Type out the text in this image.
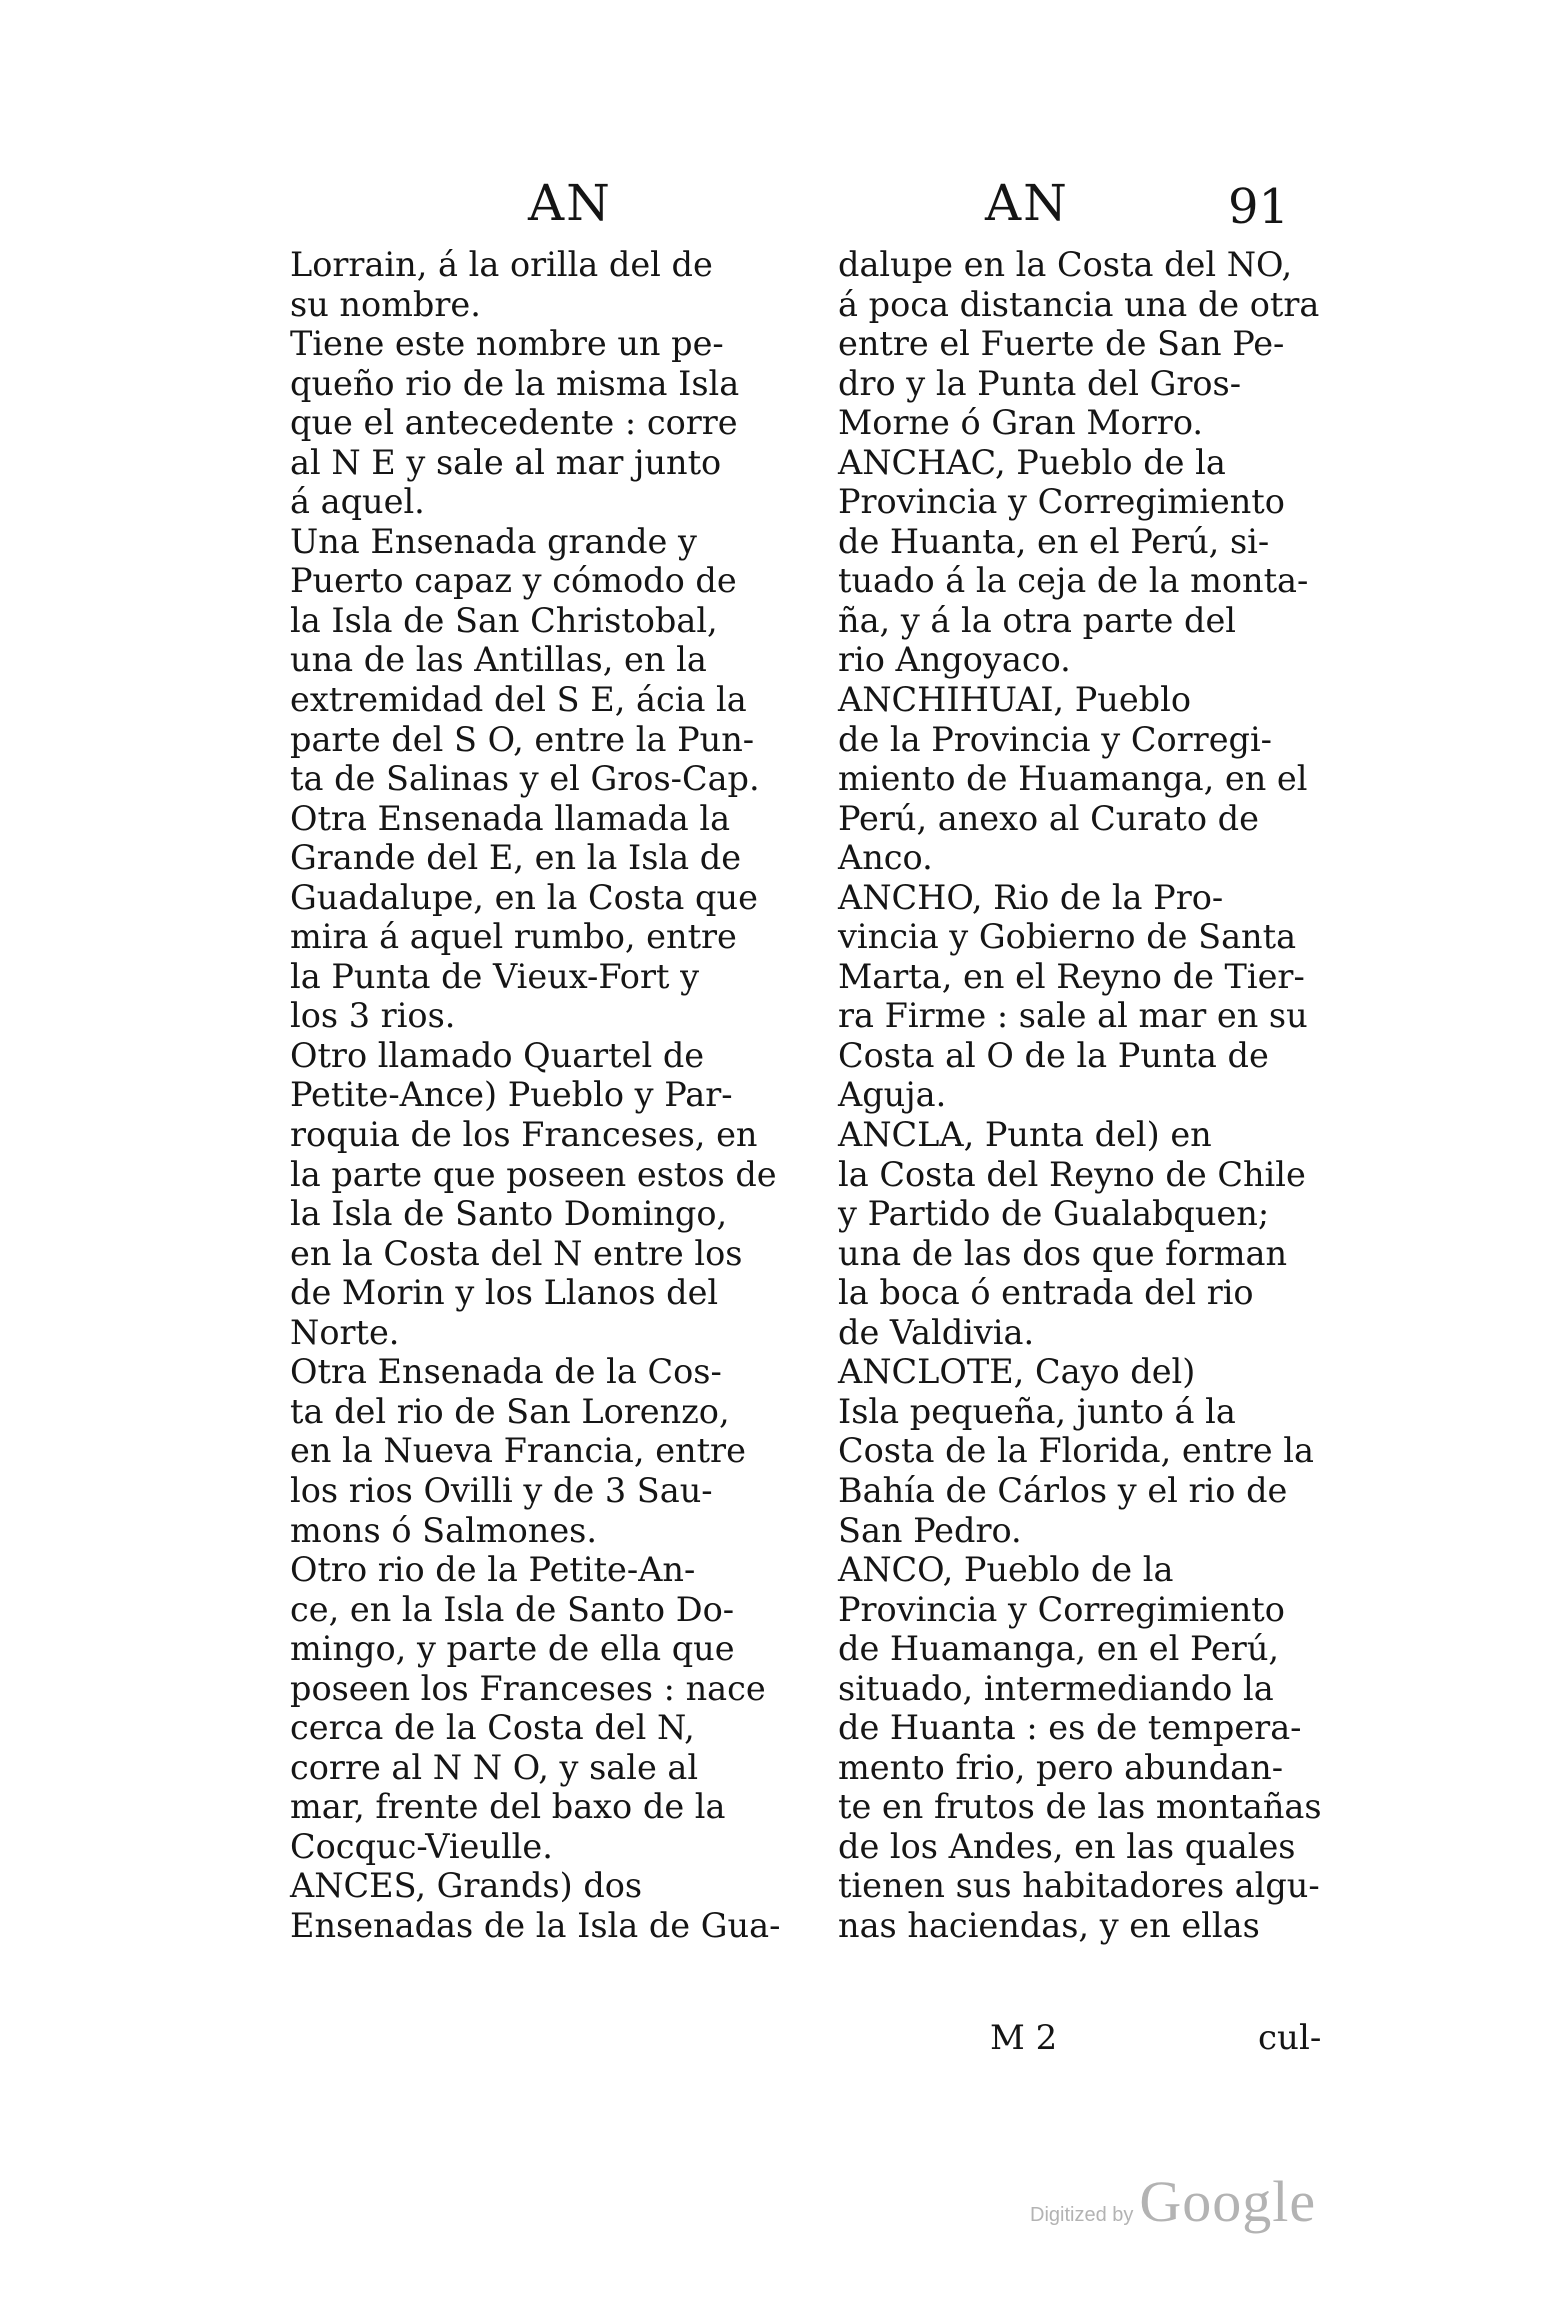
AN	AN	91
Lorrain, á la orilla del de
su nombre.
Tiene este nombre un pe-
queño rio de la misma Isla
que el antecedente : corre
al N E y sale al mar junto
á aquel.
Una Ensenada grande y
Puerto capaz y cómodo de
la Isla de San Christobal,
una de las Antillas, en la
extremidad del S E, ácia la
parte del S O, entre la Pun-
ta de Salinas y el Gros-Cap.
Otra Ensenada llamada la
Grande del E, en la Isla de
Guadalupe, en la Costa que
mira á aquel rumbo, entre
la Punta de Vieux-Fort y
los 3 rios.
Otro llamado Quartel de
Petite-Ance) Pueblo y Par-
roquia de los Franceses, en
la parte que poseen estos de
la Isla de Santo Domingo,
en la Costa del N entre los
de Morin y los Llanos del
Norte.
Otra Ensenada de la Cos-
ta del rio de San Lorenzo,
en la Nueva Francia, entre
los rios Ovilli y de 3 Sau-
mons ó Salmones.
Otro rio de la Petite-An-
ce, en la Isla de Santo Do-
mingo, y parte de ella que
poseen los Franceses : nace
cerca de la Costa del N,
corre al N N O, y sale al
mar, frente del baxo de la
Cocquc-Vieulle.
ANCES, Grands) dos
Ensenadas de la Isla de Gua-
dalupe en la Costa del NO,
á poca distancia una de otra
entre el Fuerte de San Pe-
dro y la Punta del Gros-
Morne ó Gran Morro.
ANCHAC, Pueblo de la
Provincia y Corregimiento
de Huanta, en el Perú, si-
tuado á la ceja de la monta-
ña, y á la otra parte del
rio Angoyaco.
ANCHIHUAI, Pueblo
de la Provincia y Corregi-
miento de Huamanga, en el
Perú, anexo al Curato de
Anco.
ANCHO, Rio de la Pro-
vincia y Gobierno de Santa
Marta, en el Reyno de Tier-
ra Firme : sale al mar en su
Costa al O de la Punta de
Aguja.
ANCLA, Punta del) en
la Costa del Reyno de Chile
y Partido de Gualabquen;
una de las dos que forman
la boca ó entrada del rio
de Valdivia.
ANCLOTE, Cayo del)
Isla pequeña, junto á la
Costa de la Florida, entre la
Bahía de Cárlos y el rio de
San Pedro.
ANCO, Pueblo de la
Provincia y Corregimiento
de Huamanga, en el Perú,
situado, intermediando la
de Huanta : es de tempera-
mento frio, pero abundan-
te en frutos de las montañas
de los Andes, en las quales
tienen sus habitadores algu-
nas haciendas, y en ellas
M 2	cul-
Digitized by Google
